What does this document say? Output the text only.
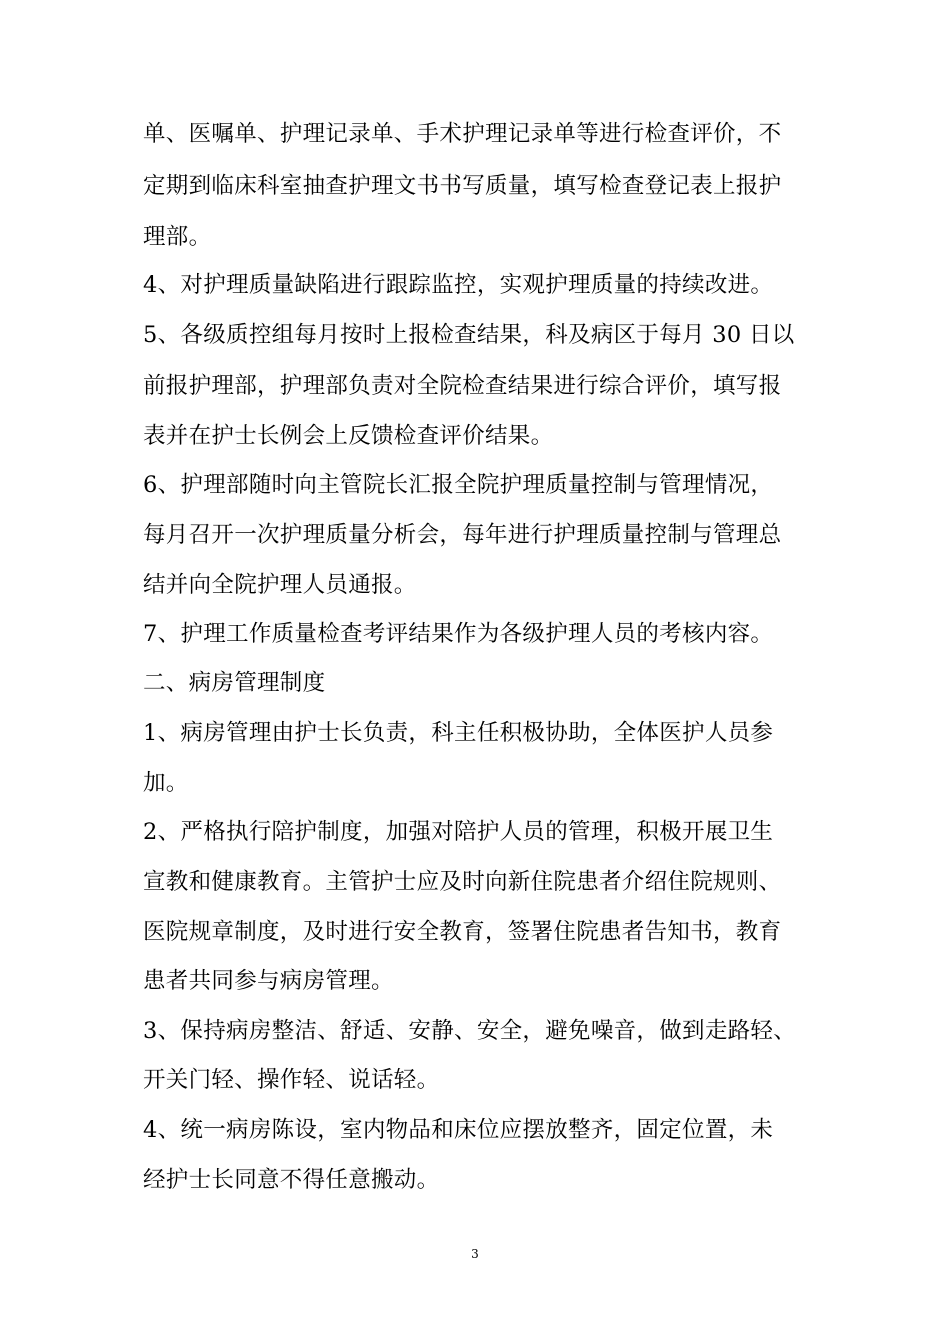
单、医嘱单、护理记录单、手术护理记录单等进行检查评价，不
定期到临床科室抽查护理文书书写质量，填写检查登记表上报护
理部。
4、对护理质量缺陷进行跟踪监控，实观护理质量的持续改进。
5、各级质控组每月按时上报检查结果，科及病区于每月 30 日以
前报护理部，护理部负责对全院检查结果进行综合评价，填写报
表并在护士长例会上反馈检查评价结果。
6、护理部随时向主管院长汇报全院护理质量控制与管理情况，
每月召开一次护理质量分析会，每年进行护理质量控制与管理总
结并向全院护理人员通报。
7、护理工作质量检查考评结果作为各级护理人员的考核内容。
二、病房管理制度
1、病房管理由护士长负责，科主任积极协助，全体医护人员参
加。
2、严格执行陪护制度，加强对陪护人员的管理，积极开展卫生
宣教和健康教育。主管护士应及时向新住院患者介绍住院规则、
医院规章制度，及时进行安全教育，签署住院患者告知书，教育
患者共同参与病房管理。
3、保持病房整洁、舒适、安静、安全，避免噪音，做到走路轻、
开关门轻、操作轻、说话轻。
4、统一病房陈设，室内物品和床位应摆放整齐，固定位置，未
经护士长同意不得任意搬动。
3
